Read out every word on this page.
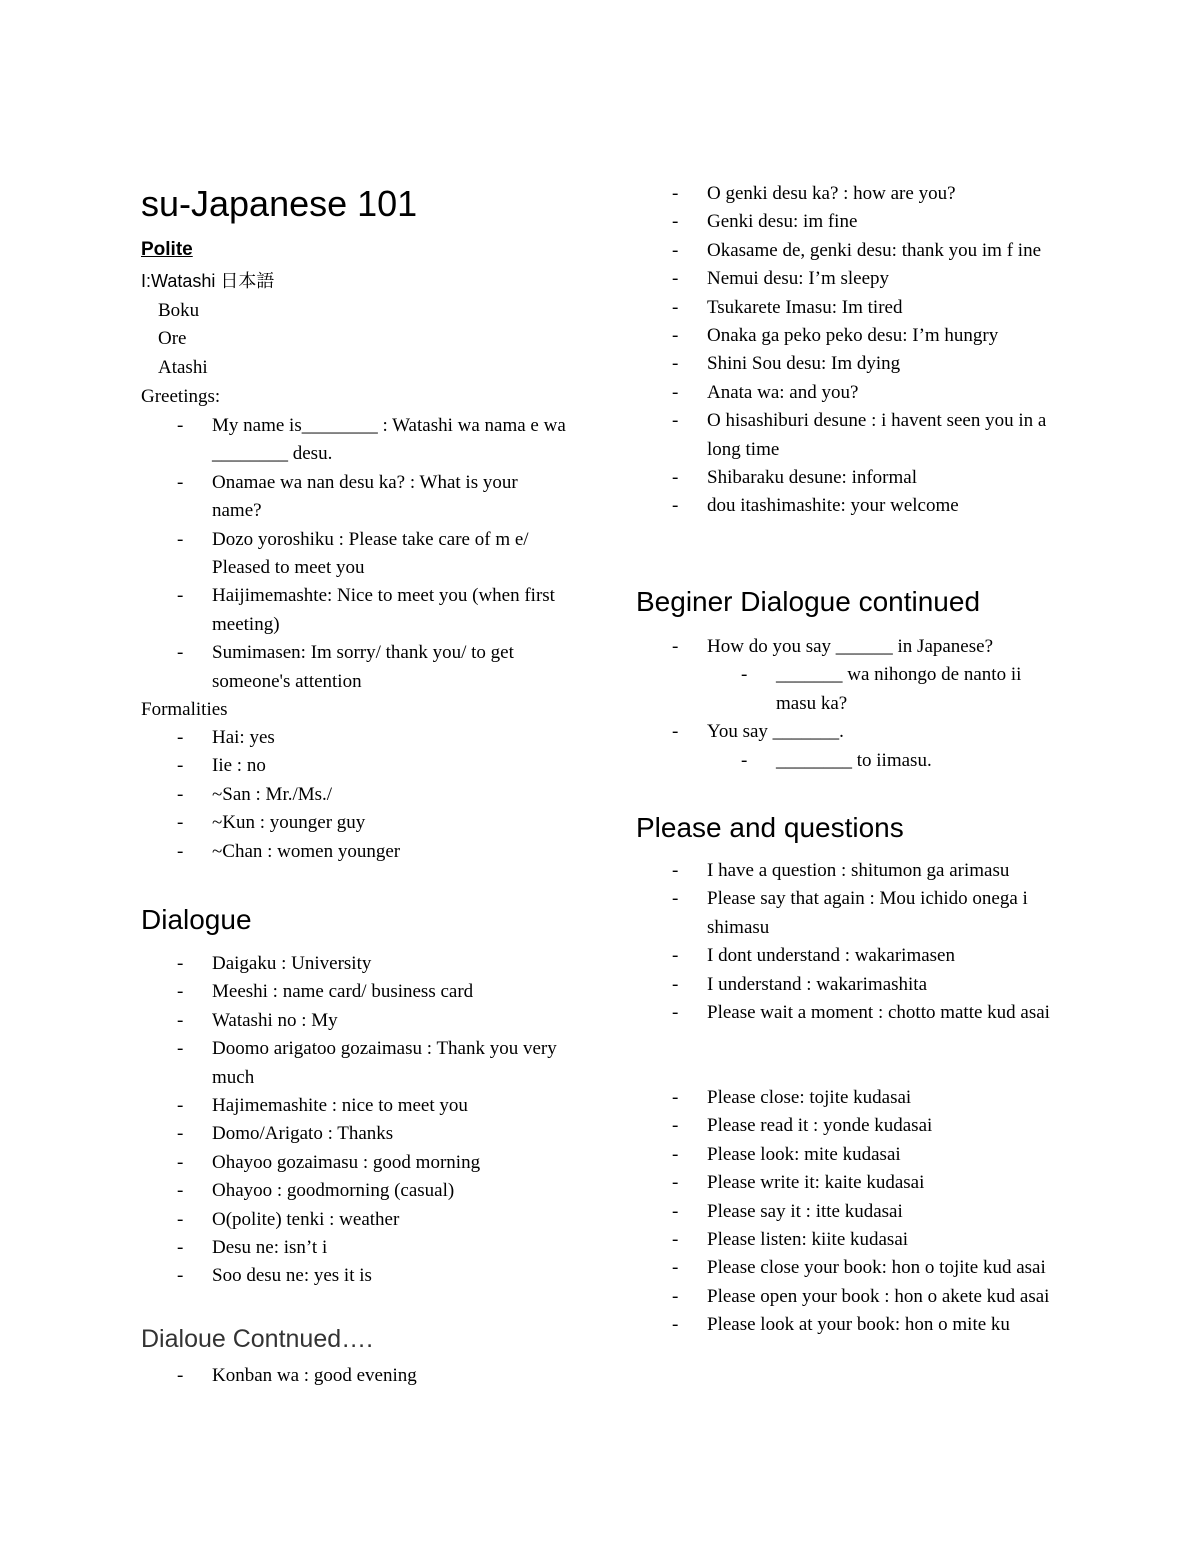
su-Japanese 101
Polite
I:Watashi 日本語
Boku
Ore
Atashi
Greetings:
- My name is________ : Watashi wa nama e wa ________ desu.
- Onamae wa nan desu ka? : What is your name?
- Dozo yoroshiku : Please take care of m e/ Pleased to meet you
- Haijimemashte: Nice to meet you (when first meeting)
- Sumimasen: Im sorry/ thank you/ to get someone's attention
Formalities
- Hai: yes
- Iie : no
- ~San : Mr./Ms./
- ~Kun : younger guy
- ~Chan : women younger
Dialogue
- Daigaku : University
- Meeshi : name card/ business card
- Watashi no : My
- Doomo arigatoo gozaimasu : Thank you very much
- Hajimemashite : nice to meet you
- Domo/Arigato : Thanks
- Ohayoo gozaimasu : good morning
- Ohayoo : goodmorning (casual)
- O(polite) tenki : weather
- Desu ne: isn’t i
- Soo desu ne: yes it is
Dialoue Contnued….
- Konban wa : good evening
- O genki desu ka? : how are you?
- Genki desu: im fine
- Okasame de, genki desu: thank you im f ine
- Nemui desu: I’m sleepy
- Tsukarete Imasu: Im tired
- Onaka ga peko peko desu: I’m hungry
- Shini Sou desu: Im dying
- Anata wa: and you?
- O hisashiburi desune : i havent seen you in a long time
- Shibaraku desune: informal
- dou itashimashite: your welcome
Beginer Dialogue continued
- How do you say ______ in Japanese?
- _______ wa nihongo de nanto ii masu ka?
- You say _______.
- ________ to iimasu.
Please and questions
- I have a question : shitumon ga arimasu
- Please say that again : Mou ichido onega i shimasu
- I dont understand : wakarimasen
- I understand : wakarimashita
- Please wait a moment : chotto matte kud asai
- Please close: tojite kudasai
- Please read it : yonde kudasai
- Please look: mite kudasai
- Please write it: kaite kudasai
- Please say it : itte kudasai
- Please listen: kiite kudasai
- Please close your book: hon o tojite kud asai
- Please open your book : hon o akete kud asai
- Please look at your book: hon o mite ku
